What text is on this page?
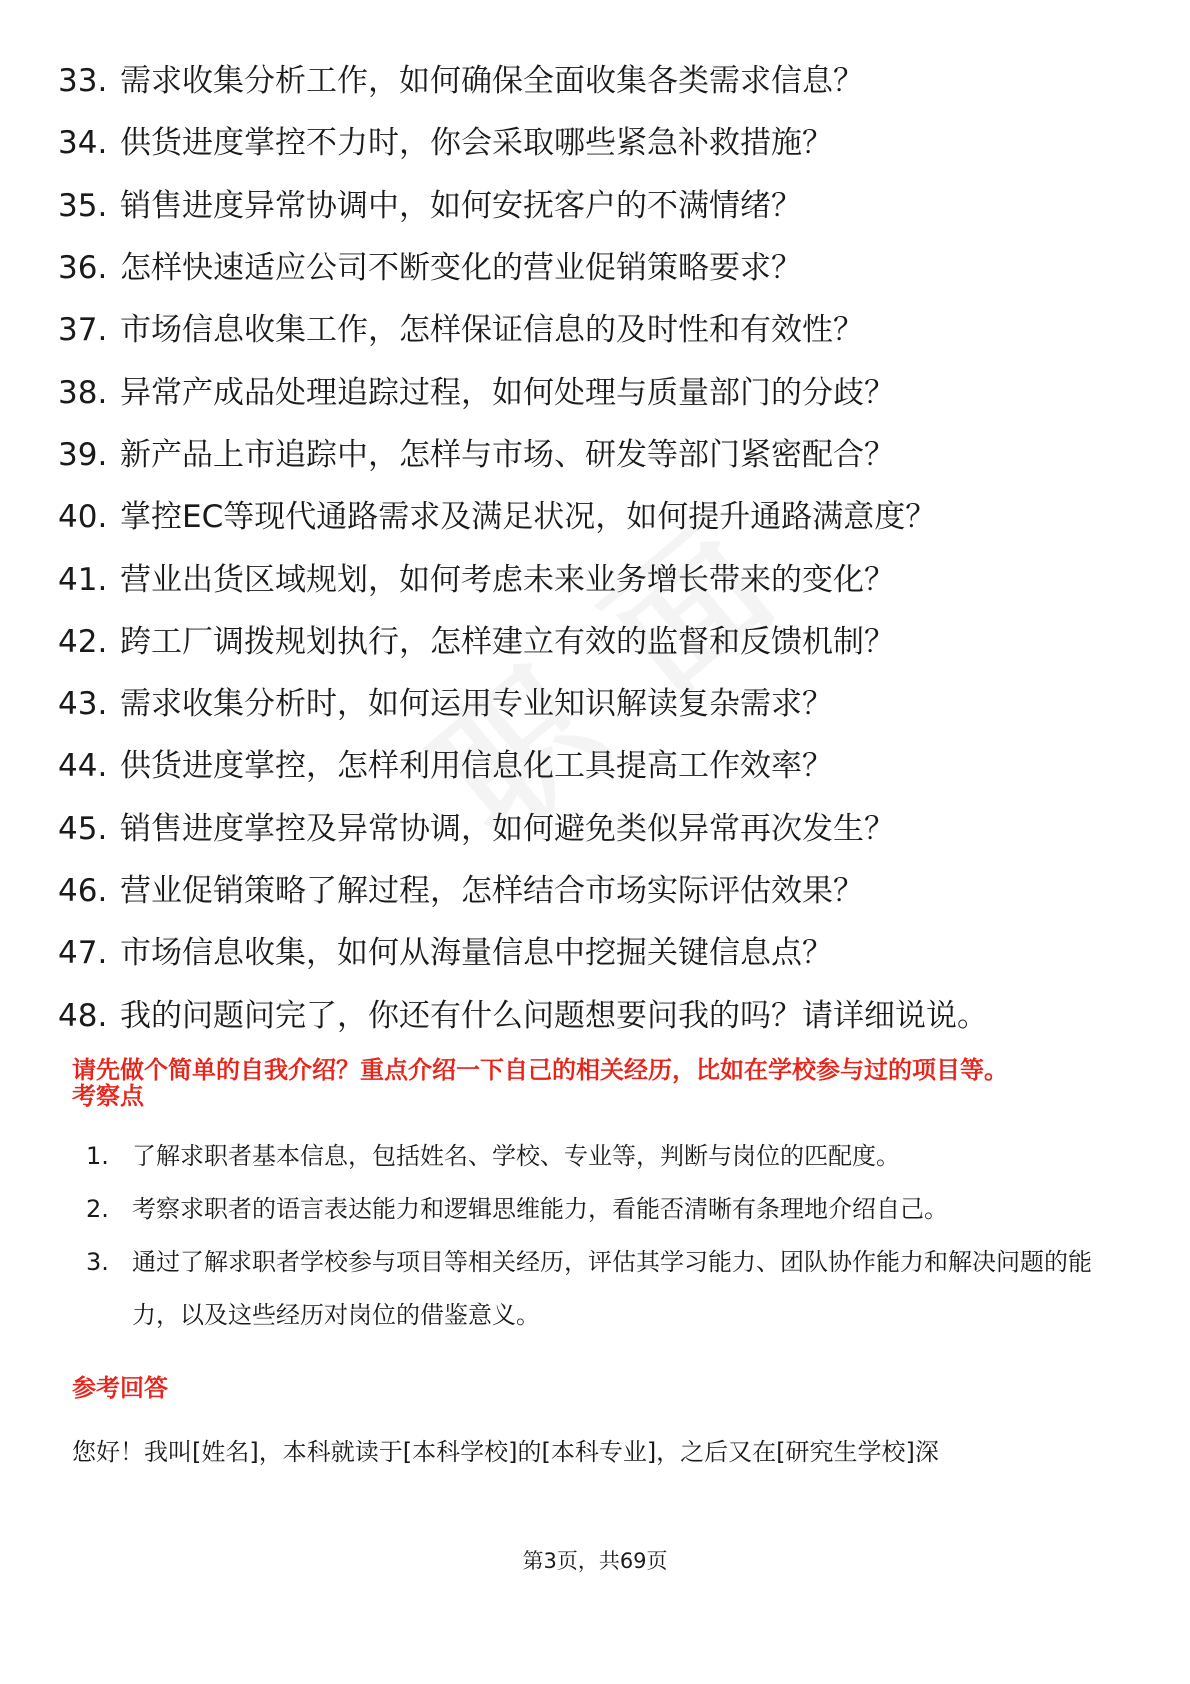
33. 需求收集分析工作，如何确保全面收集各类需求信息？
34. 供货进度掌控不力时，你会采取哪些紧急补救措施？
35. 销售进度异常协调中，如何安抚客户的不满情绪？
36. 怎样快速适应公司不断变化的营业促销策略要求？
37. 市场信息收集工作，怎样保证信息的及时性和有效性？
38. 异常产成品处理追踪过程，如何处理与质量部门的分歧？
39. 新产品上市追踪中，怎样与市场、研发等部门紧密配合？
40. 掌控EC等现代通路需求及满足状况，如何提升通路满意度？
41. 营业出货区域规划，如何考虑未来业务增长带来的变化？
42. 跨工厂调拨规划执行，怎样建立有效的监督和反馈机制？
43. 需求收集分析时，如何运用专业知识解读复杂需求？
44. 供货进度掌控，怎样利用信息化工具提高工作效率？
45. 销售进度掌控及异常协调，如何避免类似异常再次发生？
46. 营业促销策略了解过程，怎样结合市场实际评估效果？
47. 市场信息收集，如何从海量信息中挖掘关键信息点？
48. 我的问题问完了，你还有什么问题想要问我的吗？请详细说说。
请先做个简单的自我介绍？重点介绍一下自己的相关经历，比如在学校参与过的项目等。
考察点
1. 了解求职者基本信息，包括姓名、学校、专业等，判断与岗位的匹配度。
2. 考察求职者的语言表达能力和逻辑思维能力，看能否清晰有条理地介绍自己。
3. 通过了解求职者学校参与项目等相关经历，评估其学习能力、团队协作能力和解决问题的能力，以及这些经历对岗位的借鉴意义。
参考回答
您好！我叫[姓名]，本科就读于[本科学校]的[本科专业]，之后又在[研究生学校]深
第3页，共69页
